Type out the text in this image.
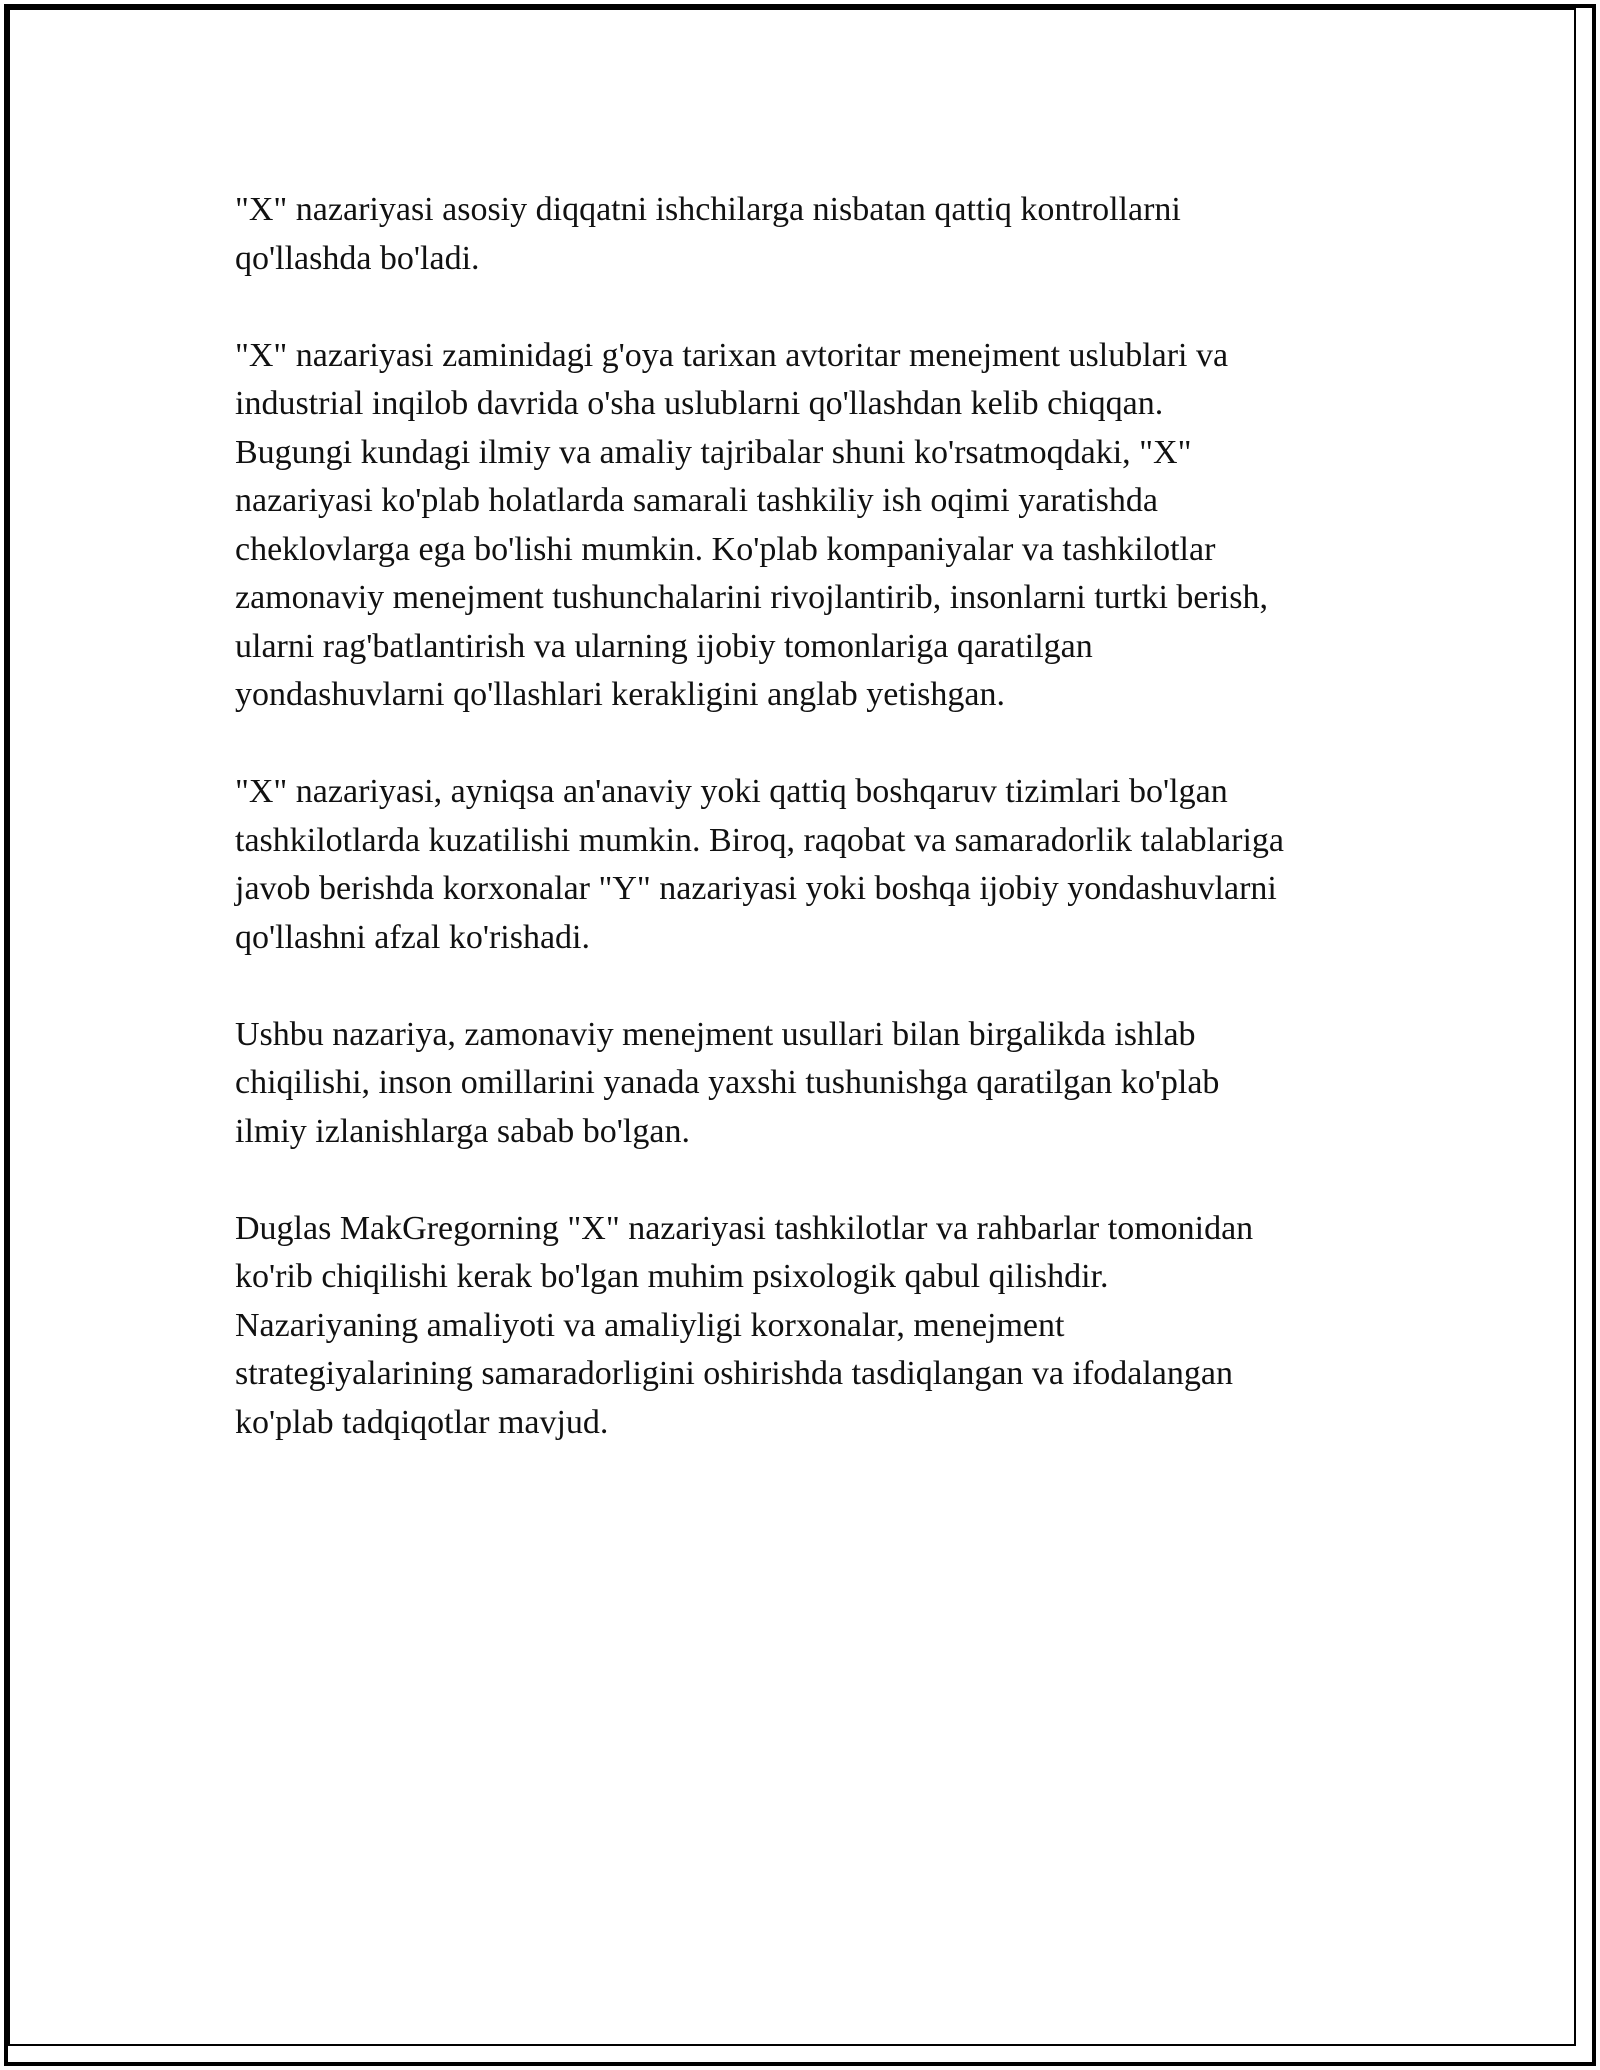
"X" nazariyasi asosiy diqqatni ishchilarga nisbatan qattiq kontrollarni
qo'llashda bo'ladi.

"X" nazariyasi zaminidagi g'oya tarixan avtoritar menejment uslublari va
industrial inqilob davrida o'sha uslublarni qo'llashdan kelib chiqqan.
Bugungi kundagi ilmiy va amaliy tajribalar shuni ko'rsatmoqdaki, "X"
nazariyasi ko'plab holatlarda samarali tashkiliy ish oqimi yaratishda
cheklovlarga ega bo'lishi mumkin. Ko'plab kompaniyalar va tashkilotlar
zamonaviy menejment tushunchalarini rivojlantirib, insonlarni turtki berish,
ularni rag'batlantirish va ularning ijobiy tomonlariga qaratilgan
yondashuvlarni qo'llashlari kerakligini anglab yetishgan.

"X" nazariyasi, ayniqsa an'anaviy yoki qattiq boshqaruv tizimlari bo'lgan
tashkilotlarda kuzatilishi mumkin. Biroq, raqobat va samaradorlik talablariga
javob berishda korxonalar "Y" nazariyasi yoki boshqa ijobiy yondashuvlarni
qo'llashni afzal ko'rishadi.

Ushbu nazariya, zamonaviy menejment usullari bilan birgalikda ishlab
chiqilishi, inson omillarini yanada yaxshi tushunishga qaratilgan ko'plab
ilmiy izlanishlarga sabab bo'lgan.

Duglas MakGregorning "X" nazariyasi tashkilotlar va rahbarlar tomonidan
ko'rib chiqilishi kerak bo'lgan muhim psixologik qabul qilishdir.
Nazariyaning amaliyoti va amaliyligi korxonalar, menejment
strategiyalarining samaradorligini oshirishda tasdiqlangan va ifodalangan
ko'plab tadqiqotlar mavjud.
